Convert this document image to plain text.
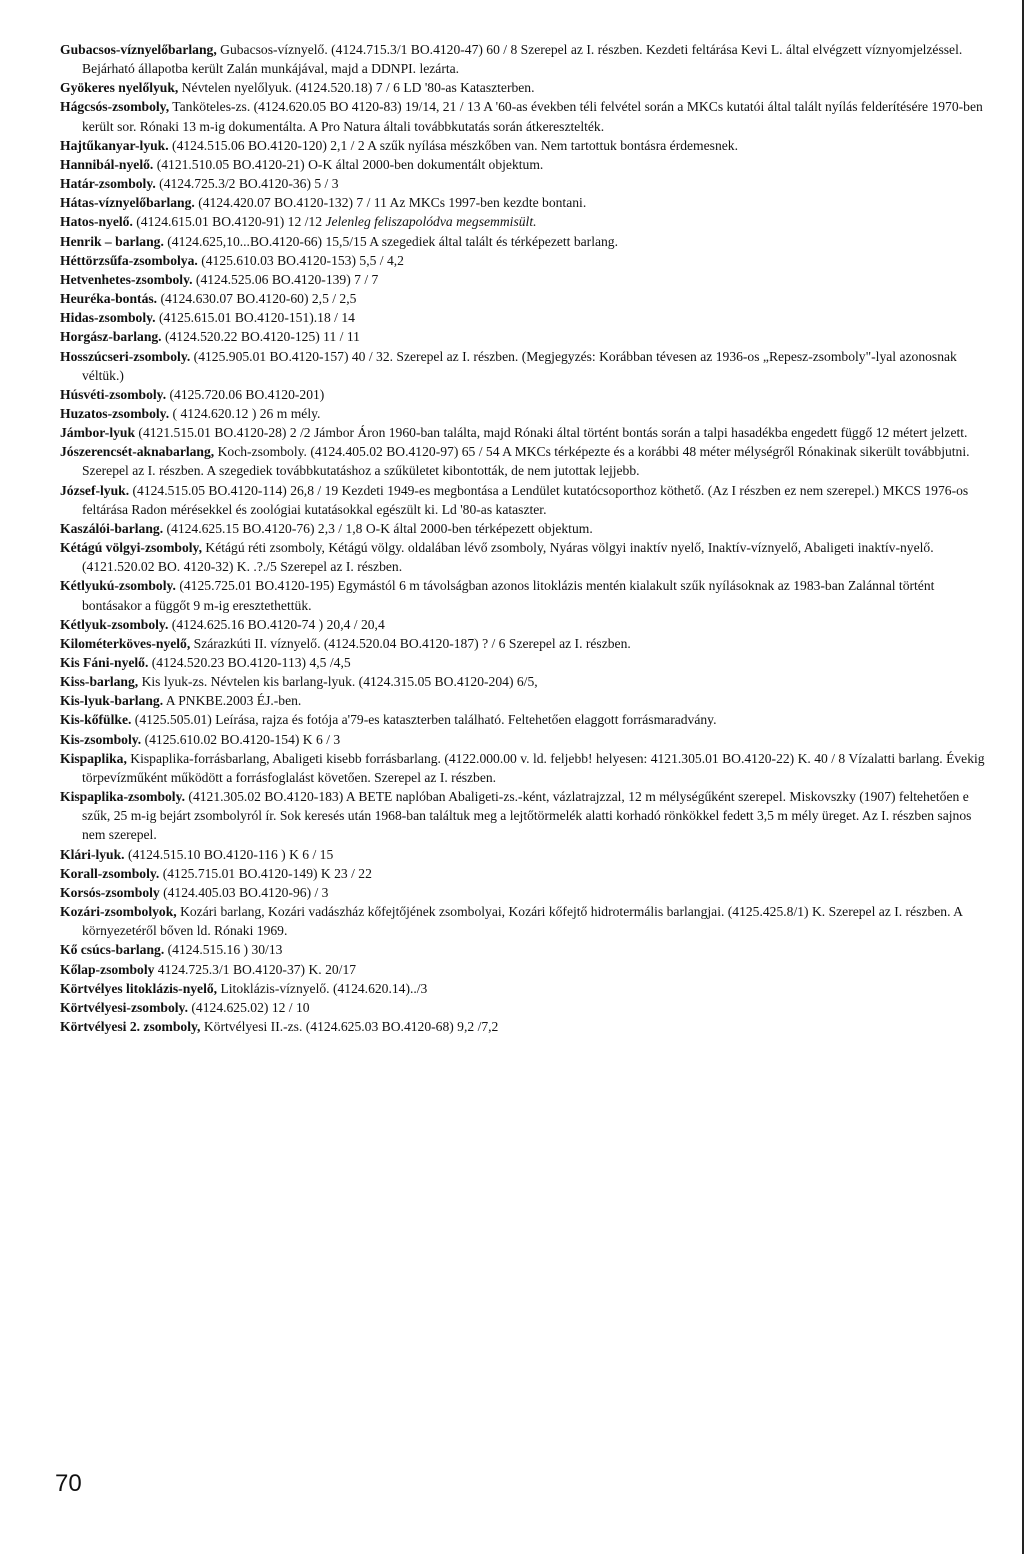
Gubacsos-víznyelőbarlang, Gubacsos-víznyelő. (4124.715.3/1 BO.4120-47) 60 / 8 Szerepel az I. részben. Kezdeti feltárása Kevi L. által elvégzett víznyomjelzéssel. Bejárható állapotba került Zalán munkájával, majd a DDNPI. lezárta.

Gyökeres nyelőlyuk, Névtelen nyelőlyuk. (4124.520.18) 7 / 6 LD '80-as Kataszterben.

Hágcsós-zsomboly, Tanköteles-zs. (4124.620.05 BO 4120-83) 19/14, 21 / 13 A '60-as években téli felvétel során a MKCs kutatói által talált nyílás felderítésére 1970-ben került sor. Rónaki 13 m-ig dokumentálta. A Pro Natura általi továbbkutatás során átkeresztelték.

Hajtűkanyar-lyuk. (4124.515.06 BO.4120-120) 2,1 / 2 A szűk nyílása mészkőben van. Nem tartottuk bontásra érdemesnek.

Hannibál-nyelő. (4121.510.05 BO.4120-21) O-K által 2000-ben dokumentált objektum.

Határ-zsomboly. (4124.725.3/2 BO.4120-36) 5 / 3

Hátas-víznyelőbarlang. (4124.420.07 BO.4120-132) 7 / 11 Az MKCs 1997-ben kezdte bontani.

Hatos-nyelő. (4124.615.01 BO.4120-91) 12 /12 Jelenleg feliszapolódva megsemmisült.

Henrik – barlang. (4124.625,10...BO.4120-66) 15,5/15 A szegediek által talált és térképezett barlang.

Héttörzsűfa-zsombolya. (4125.610.03 BO.4120-153) 5,5 / 4,2

Hetvenhetes-zsomboly. (4124.525.06 BO.4120-139) 7 / 7

Heuréka-bontás. (4124.630.07 BO.4120-60) 2,5 / 2,5

Hidas-zsomboly. (4125.615.01 BO.4120-151).18 / 14

Horgász-barlang. (4124.520.22 BO.4120-125) 11 / 11

Hosszúcseri-zsomboly. (4125.905.01 BO.4120-157) 40 / 32. Szerepel az I. részben. (Megjegyzés: Korábban tévesen az 1936-os „Repesz-zsomboly"-lyal azonosnak véltük.)

Húsvéti-zsomboly. (4125.720.06 BO.4120-201)

Huzatos-zsomboly. ( 4124.620.12 ) 26 m mély.

Jámbor-lyuk (4121.515.01 BO.4120-28) 2 /2 Jámbor Áron 1960-ban találta, majd Rónaki által történt bontás során a talpi hasadékba engedett függő 12 métert jelzett.

Jószerencsét-aknabarlang, Koch-zsomboly. (4124.405.02 BO.4120-97) 65 / 54 A MKCs térképezte és a korábbi 48 méter mélységről Rónakinak sikerült továbbjutni. Szerepel az I. részben. A szegediek továbbkutatáshoz a szűkületet kibontották, de nem jutottak lejjebb.

József-lyuk. (4124.515.05 BO.4120-114) 26,8 / 19 Kezdeti 1949-es megbontása a Lendület kutatócsoporthoz köthető. (Az I részben ez nem szerepel.) MKCS 1976-os feltárása Radon mérésekkel és zoológiai kutatásokkal egészült ki. Ld '80-as kataszter.

Kaszálói-barlang. (4124.625.15 BO.4120-76) 2,3 / 1,8 O-K által 2000-ben térképezett objektum.

Kétágú völgyi-zsomboly, Kétágú réti zsomboly, Kétágú völgy. oldalában lévő zsomboly, Nyáras völgyi inaktív nyelő, Inaktív-víznyelő, Abaligeti inaktív-nyelő. (4121.520.02 BO. 4120-32) K. .?./5 Szerepel az I. részben.

Kétlyukú-zsomboly. (4125.725.01 BO.4120-195) Egymástól 6 m távolságban azonos litoklázis mentén kialakult szűk nyílásoknak az 1983-ban Zalánnal történt bontásakor a függőt 9 m-ig eresztethettük.

Kétlyuk-zsomboly. (4124.625.16 BO.4120-74 ) 20,4 / 20,4

Kilométerköves-nyelő, Szárazkúti II. víznyelő. (4124.520.04 BO.4120-187) ? / 6 Szerepel az I. részben.

Kis Fáni-nyelő. (4124.520.23 BO.4120-113) 4,5 /4,5

Kiss-barlang, Kis lyuk-zs. Névtelen kis barlang-lyuk. (4124.315.05 BO.4120-204) 6/5,

Kis-lyuk-barlang. A PNKBE.2003 ÉJ.-ben.

Kis-kőfülke. (4125.505.01) Leírása, rajza és fotója a'79-es kataszterben található. Feltehetően elaggott forrásmaradvány.

Kis-zsomboly. (4125.610.02 BO.4120-154) K 6 / 3

Kispaplika, Kispaplika-forrásbarlang, Abaligeti kisebb forrásbarlang. (4122.000.00 v. ld. feljebb! helyesen: 4121.305.01 BO.4120-22) K. 40 / 8 Vízalatti barlang. Évekig törpevízműként működött a forrásfoglalást követően. Szerepel az I. részben.

Kispaplika-zsomboly. (4121.305.02 BO.4120-183) A BETE naplóban Abaligeti-zs.-ként, vázlatrajzzal, 12 m mélységűként szerepel. Miskovszky (1907) feltehetően e szűk, 25 m-ig bejárt zsombolyról ír. Sok keresés után 1968-ban találtuk meg a lejtőtörmelék alatti korhadó rönkökkel fedett 3,5 m mély üreget. Az I. részben sajnos nem szerepel.

Klári-lyuk. (4124.515.10 BO.4120-116 ) K 6 / 15

Korall-zsomboly. (4125.715.01 BO.4120-149) K 23 / 22

Korsós-zsomboly (4124.405.03 BO.4120-96) / 3

Kozári-zsombolyok, Kozári barlang, Kozári vadászház kőfejtőjének zsombolyai, Kozári kőfejtő hidrotermális barlangjai. (4125.425.8/1) K. Szerepel az I. részben. A környezetéről bőven ld. Rónaki 1969.

Kő csúcs-barlang. (4124.515.16 ) 30/13

Kőlap-zsomboly 4124.725.3/1 BO.4120-37) K. 20/17

Körtvélyes litoklázis-nyelő, Litoklázis-víznyelő. (4124.620.14)../3

Körtvélyesi-zsomboly. (4124.625.02) 12 / 10

Körtvélyesi 2. zsomboly, Körtvélyesi II.-zs. (4124.625.03 BO.4120-68) 9,2 /7,2

70
